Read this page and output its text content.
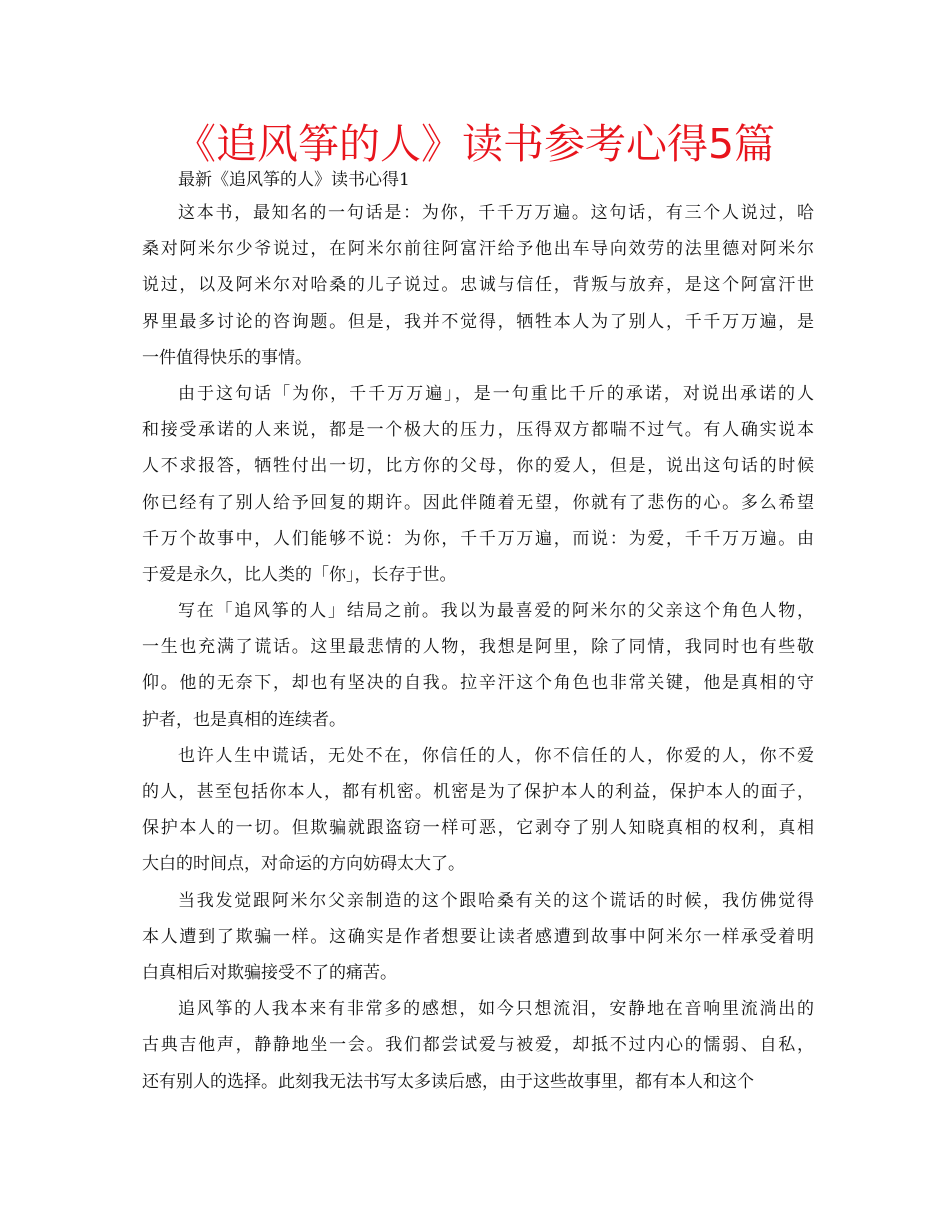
《追风筝的人》读书参考心得5篇

最新《追风筝的人》读书心得1

这本书，最知名的一句话是：为你，千千万万遍。这句话，有三个人说过，哈
桑对阿米尔少爷说过，在阿米尔前往阿富汗给予他出车导向效劳的法里德对阿米尔
说过，以及阿米尔对哈桑的儿子说过。忠诚与信任，背叛与放弃，是这个阿富汗世
界里最多讨论的咨询题。但是，我并不觉得，牺牲本人为了别人，千千万万遍，是
一件值得快乐的事情。

由于这句话「为你，千千万万遍」，是一句重比千斤的承诺，对说出承诺的人
和接受承诺的人来说，都是一个极大的压力，压得双方都喘不过气。有人确实说本
人不求报答，牺牲付出一切，比方你的父母，你的爱人，但是，说出这句话的时候
你已经有了别人给予回复的期许。因此伴随着无望，你就有了悲伤的心。多么希望
千万个故事中，人们能够不说：为你，千千万万遍，而说：为爱，千千万万遍。由
于爱是永久，比人类的「你」，长存于世。

写在「追风筝的人」结局之前。我以为最喜爱的阿米尔的父亲这个角色人物，
一生也充满了谎话。这里最悲情的人物，我想是阿里，除了同情，我同时也有些敬
仰。他的无奈下，却也有坚决的自我。拉辛汗这个角色也非常关键，他是真相的守
护者，也是真相的连续者。

也许人生中谎话，无处不在，你信任的人，你不信任的人，你爱的人，你不爱
的人，甚至包括你本人，都有机密。机密是为了保护本人的利益，保护本人的面子，
保护本人的一切。但欺骗就跟盗窃一样可恶，它剥夺了别人知晓真相的权利，真相
大白的时间点，对命运的方向妨碍太大了。

当我发觉跟阿米尔父亲制造的这个跟哈桑有关的这个谎话的时候，我仿佛觉得
本人遭到了欺骗一样。这确实是作者想要让读者感遭到故事中阿米尔一样承受着明
白真相后对欺骗接受不了的痛苦。

追风筝的人我本来有非常多的感想，如今只想流泪，安静地在音响里流淌出的
古典吉他声，静静地坐一会。我们都尝试爱与被爱，却抵不过内心的懦弱、自私，
还有别人的选择。此刻我无法书写太多读后感，由于这些故事里，都有本人和这个
